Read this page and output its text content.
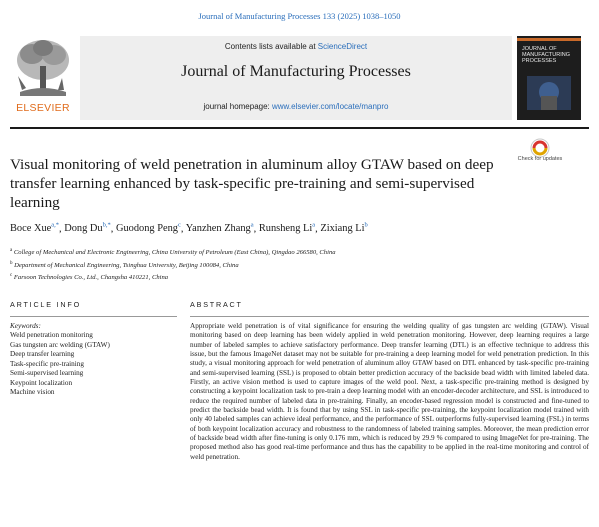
Journal of Manufacturing Processes 133 (2025) 1038–1050
ELSEVIER
Contents lists available at ScienceDirect
Journal of Manufacturing Processes
journal homepage: www.elsevier.com/locate/manpro
JOURNAL OF MANUFACTURING PROCESSES
Visual monitoring of weld penetration in aluminum alloy GTAW based on deep transfer learning enhanced by task-specific pre-training and semi-supervised learning
Check for updates
Boce Xue$^{a,*}$, Dong $Du^{b,*}$, Guodong Peng$^c$, Yanzhen Zhang$^a$, Runsheng Li$^a$, Zixiang Li$^b$
$^a$ College of Mechanical and Electronic Engineering, China University of Petroleum (East China), Qingdao 266580, China
$^b$ Department of Mechanical Engineering, Tsinghua University, Beijing 100084, China
$^c$ Farsoon Technologies Co., Ltd., Changsha 410221, China
ARTICLE INFO	ABSTRACT
Keywords:
Weld penetration monitoring
Gas tungsten arc welding (GTAW)
Deep transfer learning
Task-specific pre-training
Semi-supervised learning
Keypoint localization
Machine vision
Appropriate weld penetration is of vital significance for ensuring the welding quality of gas tungsten arc welding (GTAW). Visual monitoring based on deep learning has been widely applied in weld penetration monitoring. However, deep learning requires a large number of labeled samples to achieve satisfactory performance. Deep transfer learning (DTL) is an effective technique to address this issue, but the famous ImageNet dataset may not be suitable for pre-training a deep learning model for weld penetration prediction. In this study, a visual monitoring approach for weld penetration of aluminum alloy GTAW based on DTL enhanced by task-specific pre-training and semi-supervised learning (SSL) is proposed to obtain better prediction accuracy of the backside bead width with limited labeled data. Firstly, an active vision method is used to capture images of the weld pool. Next, a task-specific pre-training method is designed by constructing a keypoint localization task to pre-train a deep learning model with an encoder-decoder architecture, and SSL is introduced to reduce the required number of labeled data in pre-training. Finally, an encoder-based regression model is constructed and fine-tuned to predict the backside bead width. It is found that by using SSL in task-specific pre-training, the keypoint localization model trained with only 40 labeled samples can achieve ideal performance, and the performance of SSL outperforms fully-supervised learning (FSL) in terms of both keypoint localization accuracy and robustness to the randomness of labeled training samples. Moreover, the mean prediction error of backside bead width after fine-tuning is only 0.176 mm, which is reduced by 29.9 % compared to using ImageNet for pre-training. The proposed method also has good real-time performance and thus has the capability to be applied in the real-time monitoring and control of weld penetration.
